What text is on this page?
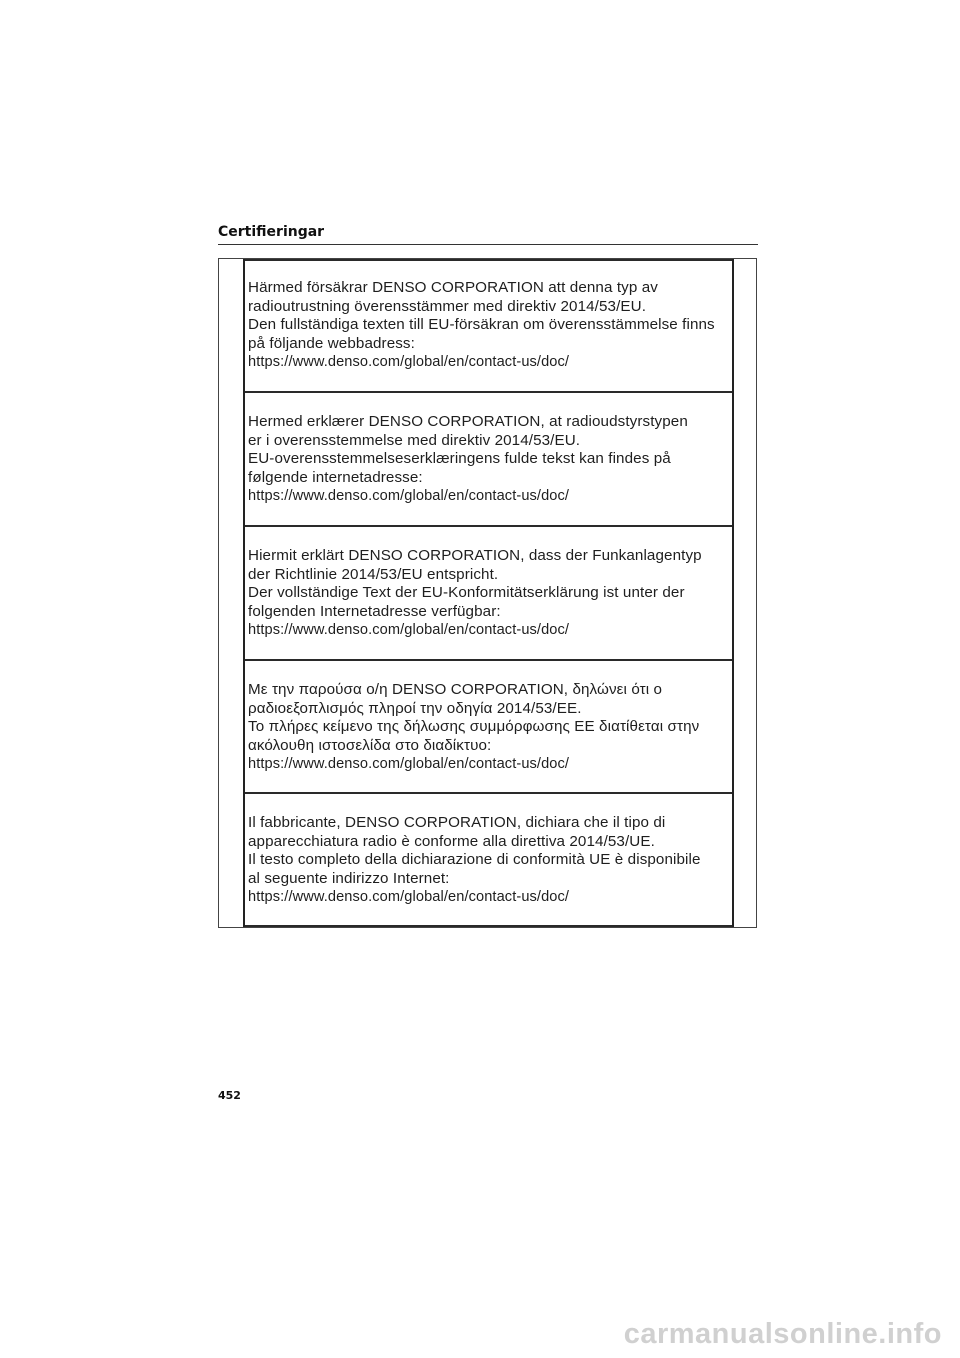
Certifieringar
Härmed försäkrar DENSO CORPORATION att denna typ av
radioutrustning överensstämmer med direktiv 2014/53/EU.
Den fullständiga texten till EU-försäkran om överensstämmelse finns
på följande webbadress:
https://www.denso.com/global/en/contact-us/doc/
Hermed erklærer DENSO CORPORATION, at radioudstyrstypen
er i overensstemmelse med direktiv 2014/53/EU.
EU-overensstemmelseserklæringens fulde tekst kan findes på
følgende internetadresse:
https://www.denso.com/global/en/contact-us/doc/
Hiermit erklärt DENSO CORPORATION, dass der Funkanlagentyp
der Richtlinie 2014/53/EU entspricht.
Der vollständige Text der EU-Konformitätserklärung ist unter der
folgenden Internetadresse verfügbar:
https://www.denso.com/global/en/contact-us/doc/
Με την παρούσα ο/η DENSO CORPORATION, δηλώνει ότι ο
ραδιοεξοπλισμός πληροί την οδηγία 2014/53/ΕΕ.
Το πλήρες κείμενο της δήλωσης συμμόρφωσης ΕΕ διατίθεται στην
ακόλουθη ιστοσελίδα στο διαδίκτυο:
https://www.denso.com/global/en/contact-us/doc/
Il fabbricante, DENSO CORPORATION, dichiara che il tipo di
apparecchiatura radio è conforme alla direttiva 2014/53/UE.
Il testo completo della dichiarazione di conformità UE è disponibile
al seguente indirizzo Internet:
https://www.denso.com/global/en/contact-us/doc/

452

carmanualsonline.info
